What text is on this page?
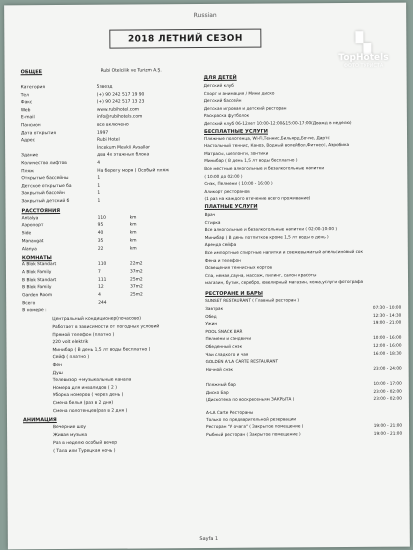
Russian
2018 ЛЕТНИЙ СЕЗОН	▚
TopHotels
ФОТО ТУРИСТА
ОБЩЕЕ	Rubi Otelcilik ve Turizm A.Ş.
Категория	5звезд
Тел	(+) 90 242 517 19 90
Факс	(+) 90 242 517 13 23
Web	www.rubihotel.com
E-mail	info@rubihotels.com
Пансион	все включено
Дата открытия	1997
Адрес	Rubi Hotel
İncekum Mevkii Avsallar
Здание	два 4х этажных блока
Количество лифтов	4
Пляж	На берегу моря ( Особый пляж
Открытые бассейны	1
Детское открытые ба	1
Закрытый бассейн	1
Закрытый детский б	1
РАССТОЯНИЯ
Antalya	110	km
Aэропорт	95	km
Side	40	km
Manavgat	35	km
Alanya	22	km
КОМНАТЫ
A Blok Standart	110	22m2
A Blok Family	7	37m2
B Blok Standart	111	25m2
B Blok Family	12	37m2
Garden Room	4	25m2
Всего	244
В номере :
Центральный кондиционер(почасово)
Работает в зависимости от погодных условий
Прямой телефон (платно )
220 volt elektrik
Минибар ( В день 1,5 лт воды бесплатно )
Сейф ( платно )
Фен
Душ
Телевизор +музыкальные канала
Номера для инвалидов ( 2 )
Уборка номеров ( через день )
Смена белья (раз в 2 дня)
Смена полотенцев(раз в 2 дня )
АНИМАЦИЯ
Вечерние шоу
Живая музыка
Раз в неделю особый вечер
( Тала или Турецкая ночь )
ДЛЯ ДЕТЕЙ
Детский клуб
Спорт и анимация / Мини диско
Детский бассейн
Детская игровая и детский ресторан
Раскраска футболок
Детский клуб 06-12лет 10:00-12:00&15:00-17:00(Дважд в неделю)
БЕСПЛАТНЫЕ УСЛУГИ
Пляжные полотенца, Wi-Fi,Теннис,Бильярд,Бочче, Дартс
Настольный теннис, Каноэ, Водный волейбол,Фитнесс, Аэробика
Матрасы, шезлонги, зонтики
Минибар ( В день 1,5 лт воды бесплатно )
Все местные алкогольные и безалкогольные напитки
( 10:00 до 02:00 )
Снэк, Пелмени ( 10:00 - 16:00 )
Аликорт ресторанов
(1 раз на каждого втечение всего проживание)
ПЛАТНЫЕ УСЛУГИ
Врач
Стирка
Все алкогольные и безалкогольные напитки ( 02:00-10:00 )
Минибар ( В день потпитков кроме 1,5 лт воды в день )
Аренда сейфа
Все импортные спиртные напитки и свежевыжатый апельсиновый сок
Фена и телефон
Освещения теннисных кортов
Спа, немая,сауна, массаж, пилинг, салон красоты
магазин, бутик, серебро, ювелирный магазин, кожа,услуги фотографа
РЕСТОРАНЕ И БАРЫ
SUNSET RESTAURANT ( Главный ресторан )
Завтрак	07:30 - 10:00
Обед	12:30 - 14:30
Ужин	19:00 - 21:00
POOL SNACK BAR
Пелмени и сэндвичи	10:00 - 16:00
Обеденный снэк	12:00 - 16:00
Чаи сладкого и чая	16:00 - 18:30
GOLDEN A'LA CARTE RESTAURANT
Ночной снэк	23:00 - 24:00
Пляжный бар	10:00 - 17:00
Диско Бар	23:00 - 02:00
(Дискотека по воскресеньям ЗАКРЫТА )	23:00 - 02:00
A-LA Carte Рестораны
Только по предварительной резервации
Ресторан "У очага" ( Закрытое помещение )	19:00 - 21:00
Рыбный ресторан ( Закрытое помещение )	19:00 - 21:00
Sayfa 1
